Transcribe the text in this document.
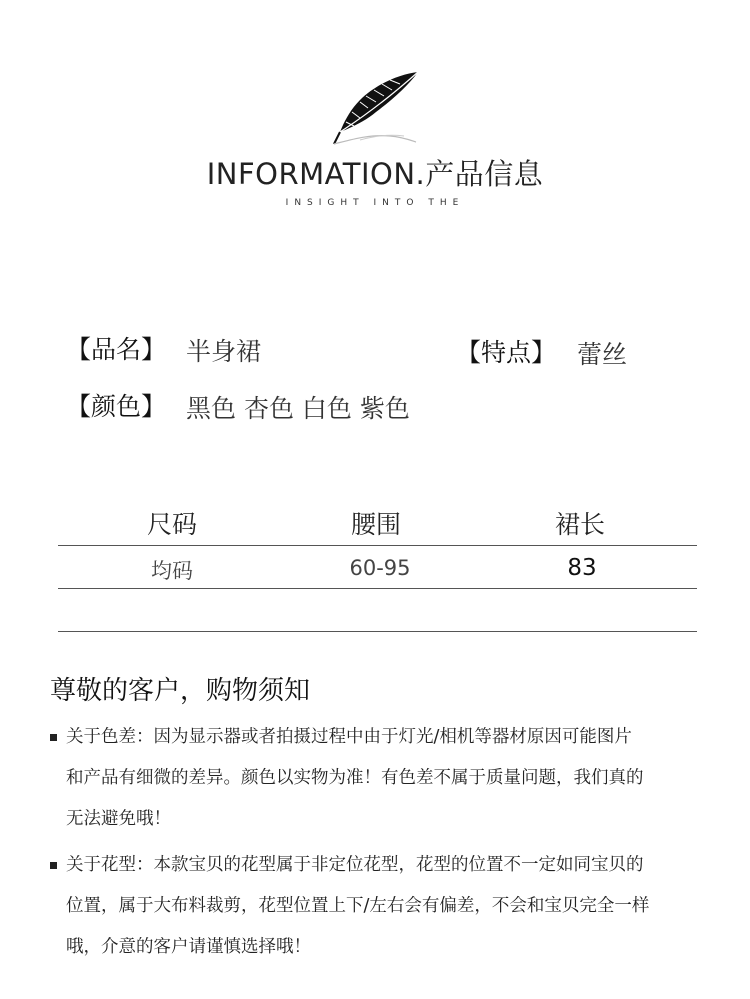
INFORMATION.产品信息
INSIGHT INTO THE
【品名】 半身裙	【特点】 蕾丝
【颜色】 黑色 杏色 白色 紫色
尺码	腰围	裙长
均码	60-95	83
尊敬的客户，购物须知
关于色差：因为显示器或者拍摄过程中由于灯光/相机等器材原因可能图片
和产品有细微的差异。颜色以实物为准！有色差不属于质量问题，我们真的
无法避免哦！
关于花型：本款宝贝的花型属于非定位花型，花型的位置不一定如同宝贝的
位置，属于大布料裁剪，花型位置上下/左右会有偏差，不会和宝贝完全一样
哦，介意的客户请谨慎选择哦！
